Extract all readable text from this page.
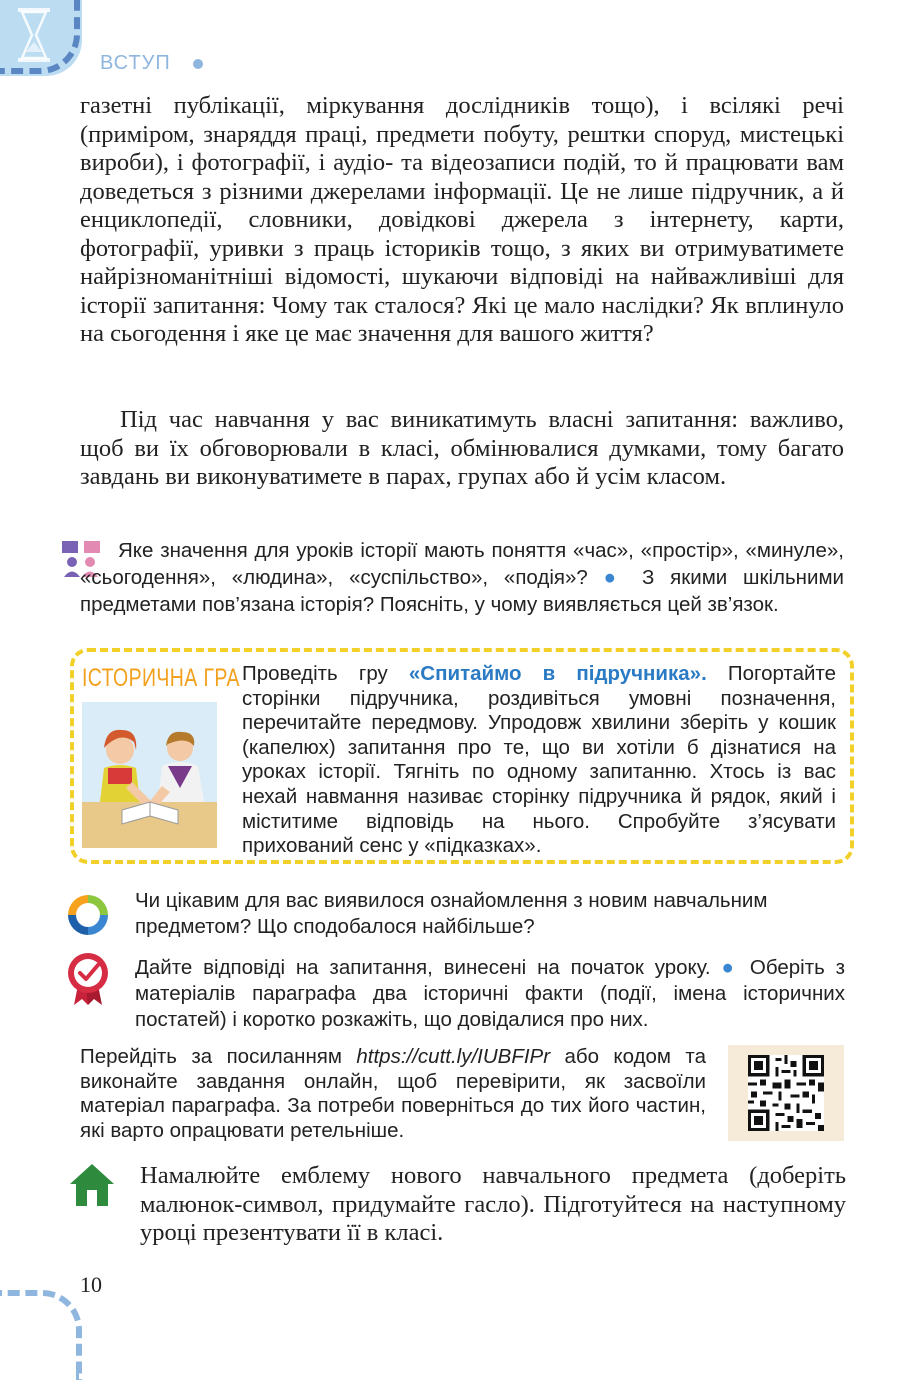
ВСТУП
газетні публікації, міркування дослідників тощо), і всілякі речі (приміром, знаряддя праці, предмети побуту, рештки споруд, мистецькі вироби), і фотографії, і аудіо- та відеозаписи подій, то й працювати вам доведеться з різними джерелами інформації. Це не лише підручник, а й енциклопедії, словники, довідкові джерела з інтернету, карти, фотографії, уривки з праць істориків тощо, з яких ви отримуватимете найрізноманітніші відомості, шукаючи відповіді на найважливіші для історії запитання: Чому так сталося? Які це мало наслідки? Як вплинуло на сьогодення і яке це має значення для вашого життя?
Під час навчання у вас виникатимуть власні запитання: важливо, щоб ви їх обговорювали в класі, обмінювалися думками, тому багато завдань ви виконуватимете в парах, групах або й усім класом.
Яке значення для уроків історії мають поняття «час», «простір», «минуле», «сьогодення», «людина», «суспільство», «подія»? ● З якими шкільними предметами пов’язана історія? Поясніть, у чому виявляється цей зв’язок.
ІСТОРИЧНА ГРА Проведіть гру «Спитаймо в підручника». Погортайте сторінки підручника, роздивіться умовні позначення, перечитайте передмову. Упродовж хвилини зберіть у кошик (капелюх) запитання про те, що ви хотіли б дізнатися на уроках історії. Тягніть по одному запитанню. Хтось із вас нехай навмання називає сторінку підручника й рядок, який і міститиме відповідь на нього. Спробуйте з’ясувати прихований сенс у «підказках».
Чи цікавим для вас виявилося ознайомлення з новим навчальним предметом? Що сподобалося найбільше?
Дайте відповіді на запитання, винесені на початок уроку. ● Оберіть з матеріалів параграфа два історичні факти (події, імена історичних постатей) і коротко розкажіть, що довідалися про них.
Перейдіть за посиланням https://cutt.ly/IUBFIPr або кодом та виконайте завдання онлайн, щоб перевірити, як засвоїли матеріал параграфа. За потреби поверніться до тих його частин, які варто опрацювати ретельніше.
Намалюйте емблему нового навчального предмета (доберіть малюнок-символ, придумайте гасло). Підготуйтеся на наступному уроці презентувати її в класі.
10
